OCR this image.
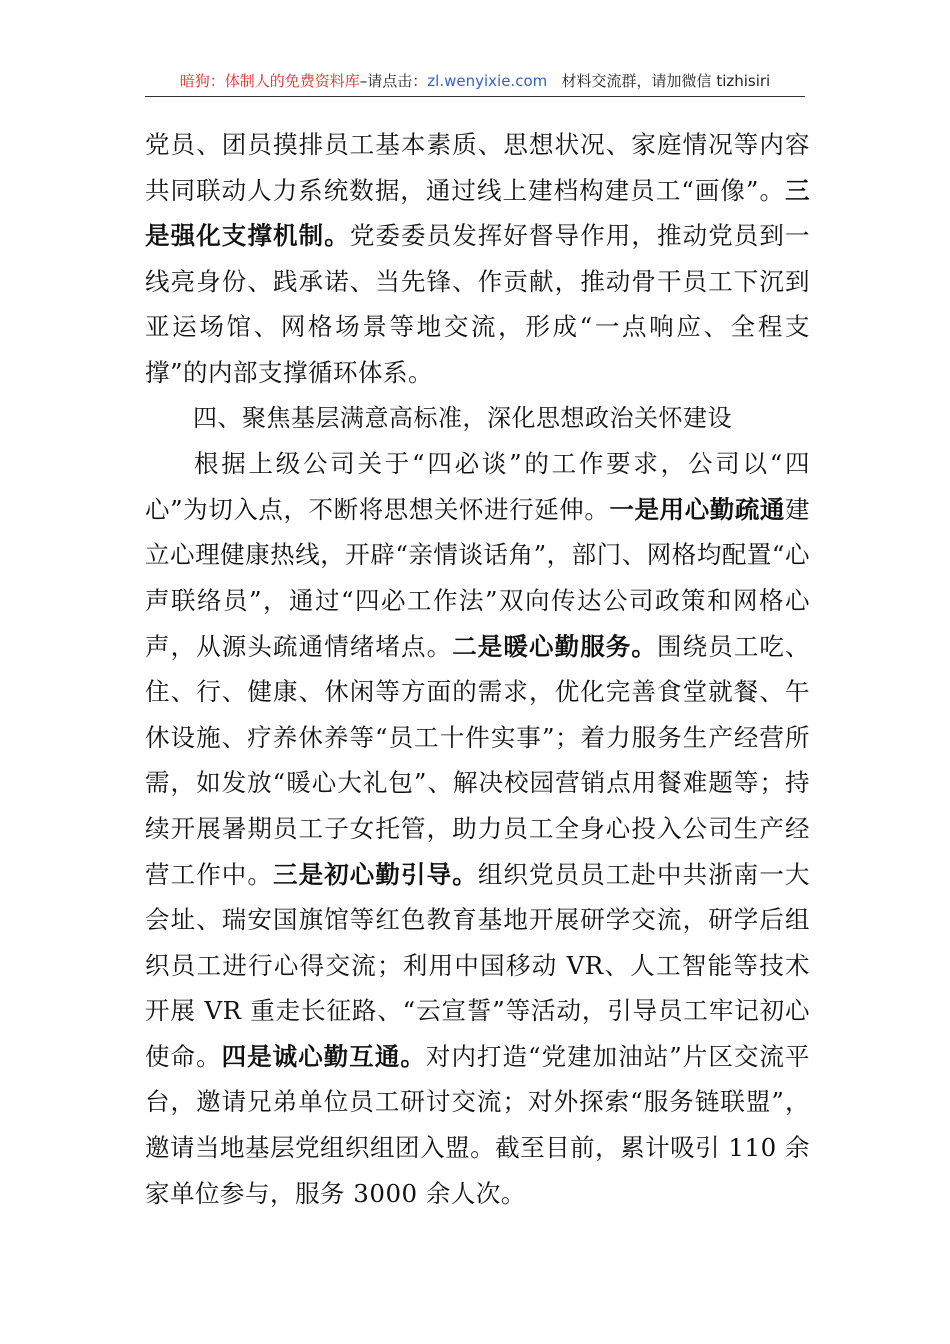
暗狗：体制人的免费资料库–请点击：zl.wenyixie.com 材料交流群，请加微信 tizhisiri

党员、团员摸排员工基本素质、思想状况、家庭情况等内容共同联动人力系统数据，通过线上建档构建员工“画像”。三是强化支撑机制。党委委员发挥好督导作用，推动党员到一线亮身份、践承诺、当先锋、作贡献，推动骨干员工下沉到亚运场馆、网格场景等地交流，形成“一点响应、全程支撑”的内部支撑循环体系。

四、聚焦基层满意高标准，深化思想政治关怀建设

根据上级公司关于“四必谈”的工作要求，公司以“四心”为切入点，不断将思想关怀进行延伸。一是用心勤疏通建立心理健康热线，开辟“亲情谈话角”，部门、网格均配置“心声联络员”，通过“四必工作法”双向传达公司政策和网格心声，从源头疏通情绪堵点。二是暖心勤服务。围绕员工吃、住、行、健康、休闲等方面的需求，优化完善食堂就餐、午休设施、疗养休养等“员工十件实事”；着力服务生产经营所需，如发放“暖心大礼包”、解决校园营销点用餐难题等；持续开展暑期员工子女托管，助力员工全身心投入公司生产经营工作中。三是初心勤引导。组织党员员工赴中共浙南一大会址、瑞安国旗馆等红色教育基地开展研学交流，研学后组织员工进行心得交流；利用中国移动 VR、人工智能等技术开展 VR 重走长征路、“云宣誓”等活动，引导员工牢记初心使命。四是诚心勤互通。对内打造“党建加油站”片区交流平台，邀请兄弟单位员工研讨交流；对外探索“服务链联盟”，邀请当地基层党组织组团入盟。截至目前，累计吸引 110 余家单位参与，服务 3000 余人次。
